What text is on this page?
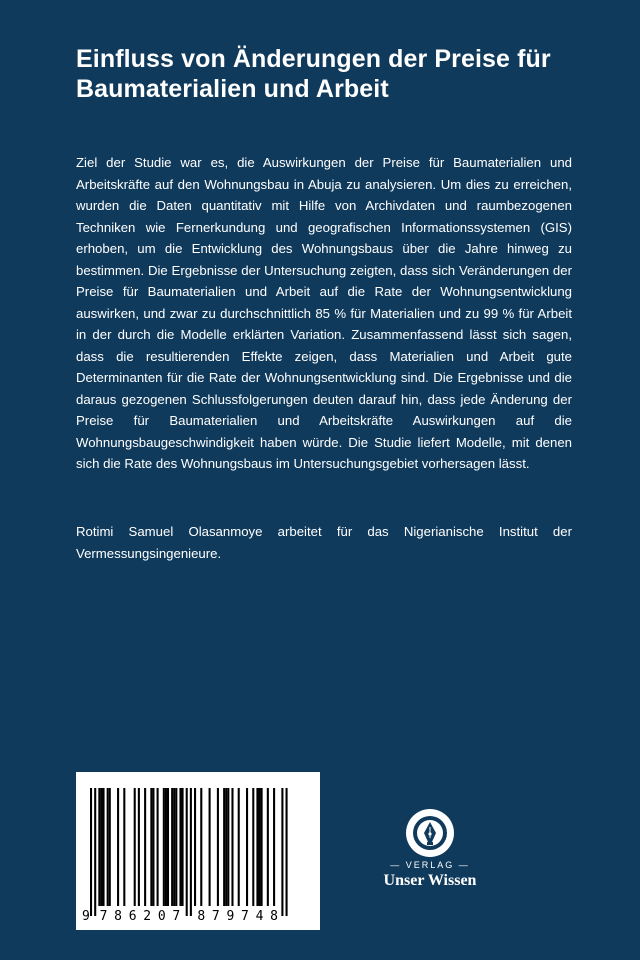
Einfluss von Änderungen der Preise für Baumaterialien und Arbeit

Ziel der Studie war es, die Auswirkungen der Preise für Baumaterialien und Arbeitskräfte auf den Wohnungsbau in Abuja zu analysieren. Um dies zu erreichen, wurden die Daten quantitativ mit Hilfe von Archivdaten und raumbezogenen Techniken wie Fernerkundung und geografischen Informationssystemen (GIS) erhoben, um die Entwicklung des Wohnungsbaus über die Jahre hinweg zu bestimmen. Die Ergebnisse der Untersuchung zeigten, dass sich Veränderungen der Preise für Baumaterialien und Arbeit auf die Rate der Wohnungsentwicklung auswirken, und zwar zu durchschnittlich 85 % für Materialien und zu 99 % für Arbeit in der durch die Modelle erklärten Variation. Zusammenfassend lässt sich sagen, dass die resultierenden Effekte zeigen, dass Materialien und Arbeit gute Determinanten für die Rate der Wohnungsentwicklung sind. Die Ergebnisse und die daraus gezogenen Schlussfolgerungen deuten darauf hin, dass jede Änderung der Preise für Baumaterialien und Arbeitskräfte Auswirkungen auf die Wohnungsbaugeschwindigkeit haben würde. Die Studie liefert Modelle, mit denen sich die Rate des Wohnungsbaus im Untersuchungsgebiet vorhersagen lässt.

Rotimi Samuel Olasanmoye arbeitet für das Nigerianische Institut der Vermessungsingenieure.

9 7 8 6 2 0 7 8 7 9 7 4 8
— VERLAG —
Unser Wissen
